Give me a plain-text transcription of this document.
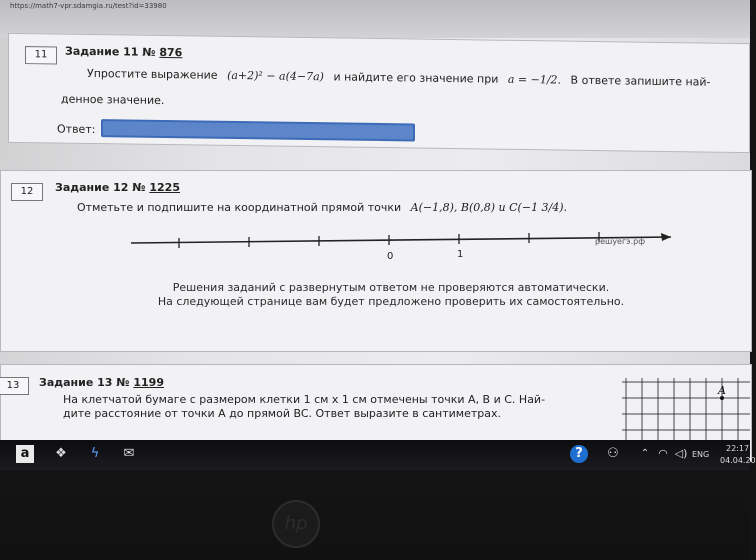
https://math7-vpr.sdamgia.ru/test?id=33980
11	Задание 11 № 876
Упростите выражение (a+2)² − a(4−7a) и найдите его значение при a = −1/2. В ответе запишите най-
денное значение.
Ответ:
12	Задание 12 № 1225
Отметьте и подпишите на координатной прямой точки A(−1,8), B(0,8) и C(−1 3/4).
0	1
решуегэ.рф
Решения заданий с развернутым ответом не проверяются автоматически.
На следующей странице вам будет предложено проверить их самостоятельно.
13	Задание 13 № 1199
На клетчатой бумаге с размером клетки 1 см x 1 см отмечены точки A, B и C. Най-
дите расстояние от точки A до прямой BC. Ответ выразите в сантиметрах.
A
a	❖	ϟ	✉	?	⚇	⌃ ◠ ◁) ENG
22:17
04.04.20
hp
